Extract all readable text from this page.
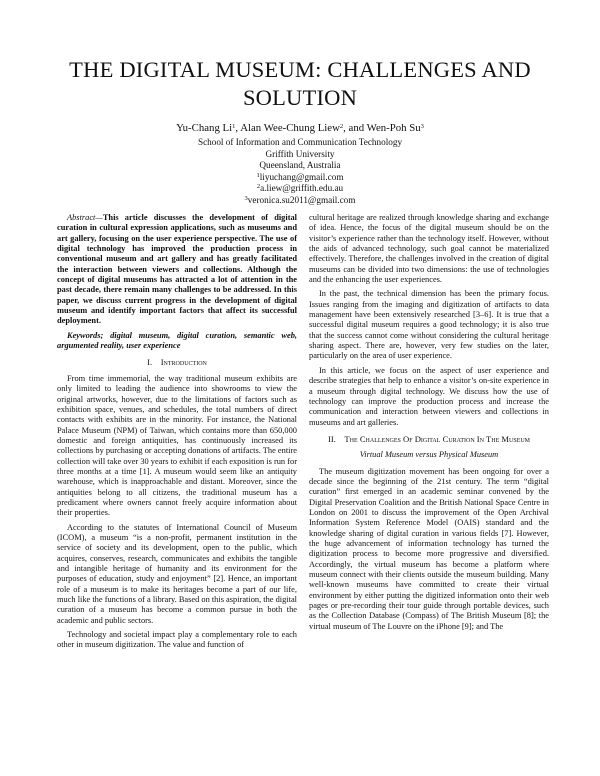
THE DIGITAL MUSEUM: CHALLENGES AND
SOLUTION
Yu-Chang Li$^1$, Alan Wee-Chung Liew$^2$, and Wen-Poh Su$^3$
School of Information and Communication Technology
Griffith University
Queensland, Australia
$^1$liyuchang@gmail.com
$^2$a.liew@griffith.edu.au
$^3$veronica.su2011@gmail.com

Abstract—This article discusses the development of digital curation in cultural expression applications, such as museums and art gallery, focusing on the user experience perspective. The use of digital technology has improved the production process in conventional museum and art gallery and has greatly facilitated the interaction between viewers and collections. Although the concept of digital museums has attracted a lot of attention in the past decade, there remain many challenges to be addressed. In this paper, we discuss current progress in the development of digital museum and identify important factors that affect its successful deployment.

Keywords; digital museum, digital curation, semantic web, argumented reality, user experience

I. Introduction

From time immemorial, the way traditional museum exhibits are only limited to leading the audience into showrooms to view the original artworks, however, due to the limitations of factors such as exhibition space, venues, and schedules, the total numbers of direct contacts with exhibits are in the minority. For instance, the National Palace Museum (NPM) of Taiwan, which contains more than 650,000 domestic and foreign antiquities, has continuously increased its collections by purchasing or accepting donations of artifacts. The entire collection will take over 30 years to exhibit if each exposition is run for three months at a time [1]. A museum would seem like an antiquity warehouse, which is inapproachable and distant. Moreover, since the antiquities belong to all citizens, the traditional museum has a predicament where owners cannot freely acquire information about their properties.

According to the statutes of International Council of Museum (ICOM), a museum “is a non-profit, permanent institution in the service of society and its development, open to the public, which acquires, conserves, research, communicates and exhibits the tangible and intangible heritage of humanity and its environment for the purposes of education, study and enjoyment” [2]. Hence, an important role of a museum is to make its heritages become a part of our life, much like the functions of a library. Based on this aspiration, the digital curation of a museum has become a common pursue in both the academic and public sectors.

Technology and societal impact play a complementary role to each other in museum digitization. The value and function of

cultural heritage are realized through knowledge sharing and exchange of idea. Hence, the focus of the digital museum should be on the visitor’s experience rather than the technology itself. However, without the aids of advanced technology, such goal cannot be materialized effectively. Therefore, the challenges involved in the creation of digital museums can be divided into two dimensions: the use of technologies and the enhancing the user experiences.

In the past, the technical dimension has been the primary focus. Issues ranging from the imaging and digitization of artifacts to data management have been extensively researched [3–6]. It is true that a successful digital museum requires a good technology; it is also true that the success cannot come without considering the cultural heritage sharing aspect. There are, however, very few studies on the later, particularly on the area of user experience.

In this article, we focus on the aspect of user experience and describe strategies that help to enhance a visitor’s on-site experience in a museum through digital technology. We discuss how the use of technology can improve the production process and increase the communication and interaction between viewers and collections in museums and art galleries.

II. The Challenges Of Digital Curation In The Museum
Virtual Museum versus Physical Museum

The museum digitization movement has been ongoing for over a decade since the beginning of the 21st century. The term “digital curation” first emerged in an academic seminar convened by the Digital Preservation Coalition and the British National Space Centre in London on 2001 to discuss the improvement of the Open Archival Information System Reference Model (OAIS) standard and the knowledge sharing of digital curation in various fields [7]. However, the huge advancement of information technology has turned the digitization process to become more progressive and diversified. Accordingly, the virtual museum has become a platform where museum connect with their clients outside the museum building. Many well-known museums have committed to create their virtual environment by either putting the digitized information onto their web pages or pre-recording their tour guide through portable devices, such as the Collection Database (Compass) of The British Museum [8]; the virtual museum of The Louvre on the iPhone [9]; and The
